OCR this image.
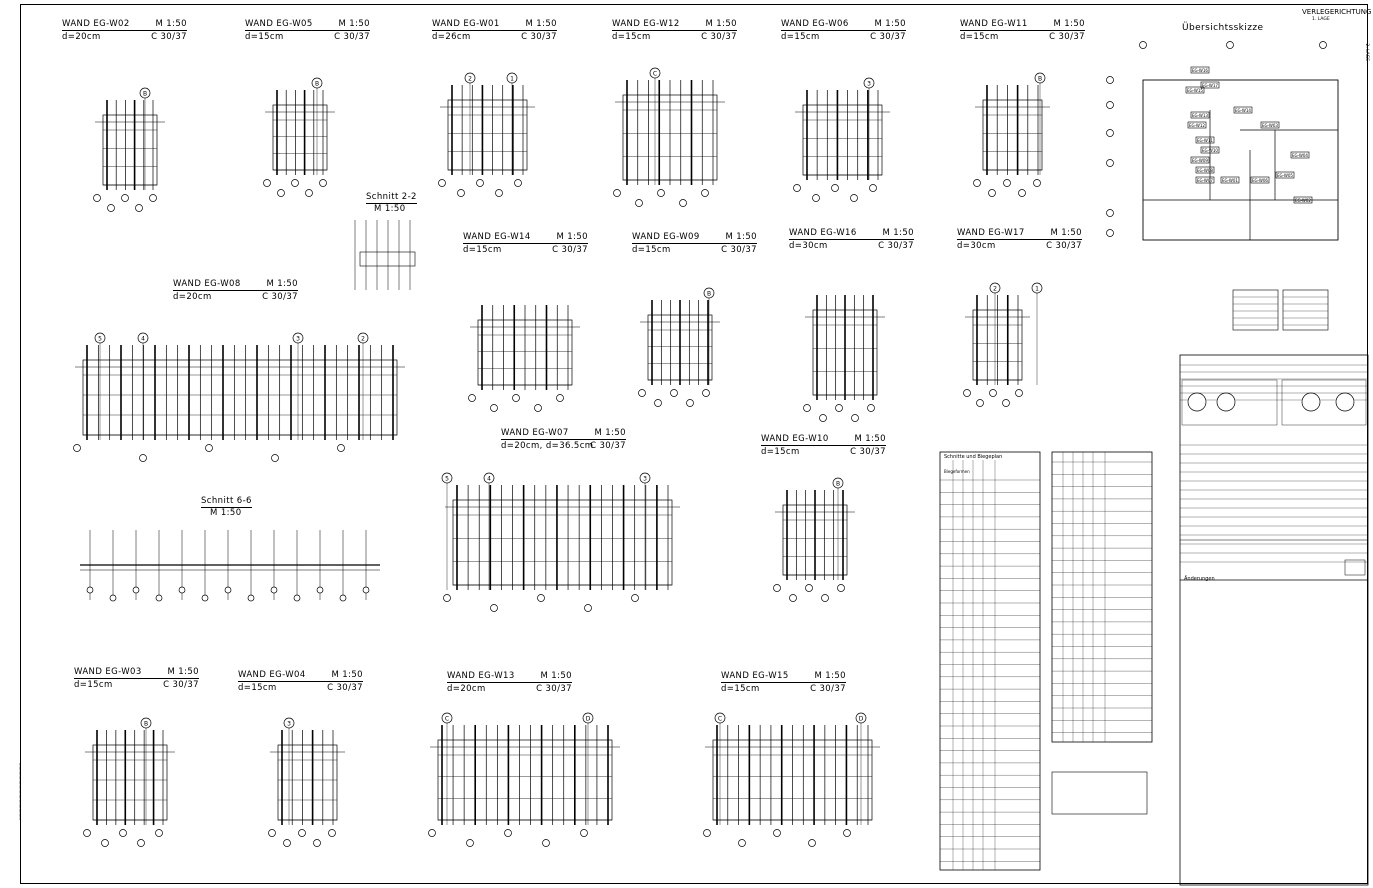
.............................................
B
B
2	1
C
3
B
B
2	1
5	4	3	2
5	4	3
B
B	3
C	D	C	D
EG-W16
EG-W17
EG-W15
EG-W13
EG-W12
EG-W11
EG-W10
EG-W09
EG-W08
EG-W07	EG-W06
EG-W05
EG-W04
EG-W03
EG-W02
EG-W01
EG-W14
WAND EG-W02	M 1:50
d=20cm	C 30/37
WAND EG-W05	M 1:50
d=15cm	C 30/37
WAND EG-W01	M 1:50
d=26cm	C 30/37
WAND EG-W12	M 1:50
d=15cm	C 30/37
WAND EG-W06	M 1:50
d=15cm	C 30/37
WAND EG-W11	M 1:50
d=15cm	C 30/37
WAND EG-W14	M 1:50
d=15cm	C 30/37
WAND EG-W09	M 1:50
d=15cm	C 30/37
WAND EG-W16	M 1:50
d=30cm	C 30/37
WAND EG-W17	M 1:50
d=30cm	C 30/37
WAND EG-W08	M 1:50
d=20cm	C 30/37
WAND EG-W07	M 1:50
d=20cm, d=36.5cm
C 30/37
WAND EG-W10	M 1:50
d=15cm	C 30/37
WAND EG-W03	M 1:50
d=15cm	C 30/37
WAND EG-W04	M 1:50
d=15cm	C 30/37
WAND EG-W13	M 1:50
d=20cm	C 30/37
WAND EG-W15	M 1:50
d=15cm	C 30/37
Schnitt 2-2
M 1:50
Schnitt 6-6
M 1:50
Übersichtsskizze
VERLEGERICHTUNG
1. LAGE
2. LAGE
Schnitte und Biegeplan
Biegeformen
Änderungen
